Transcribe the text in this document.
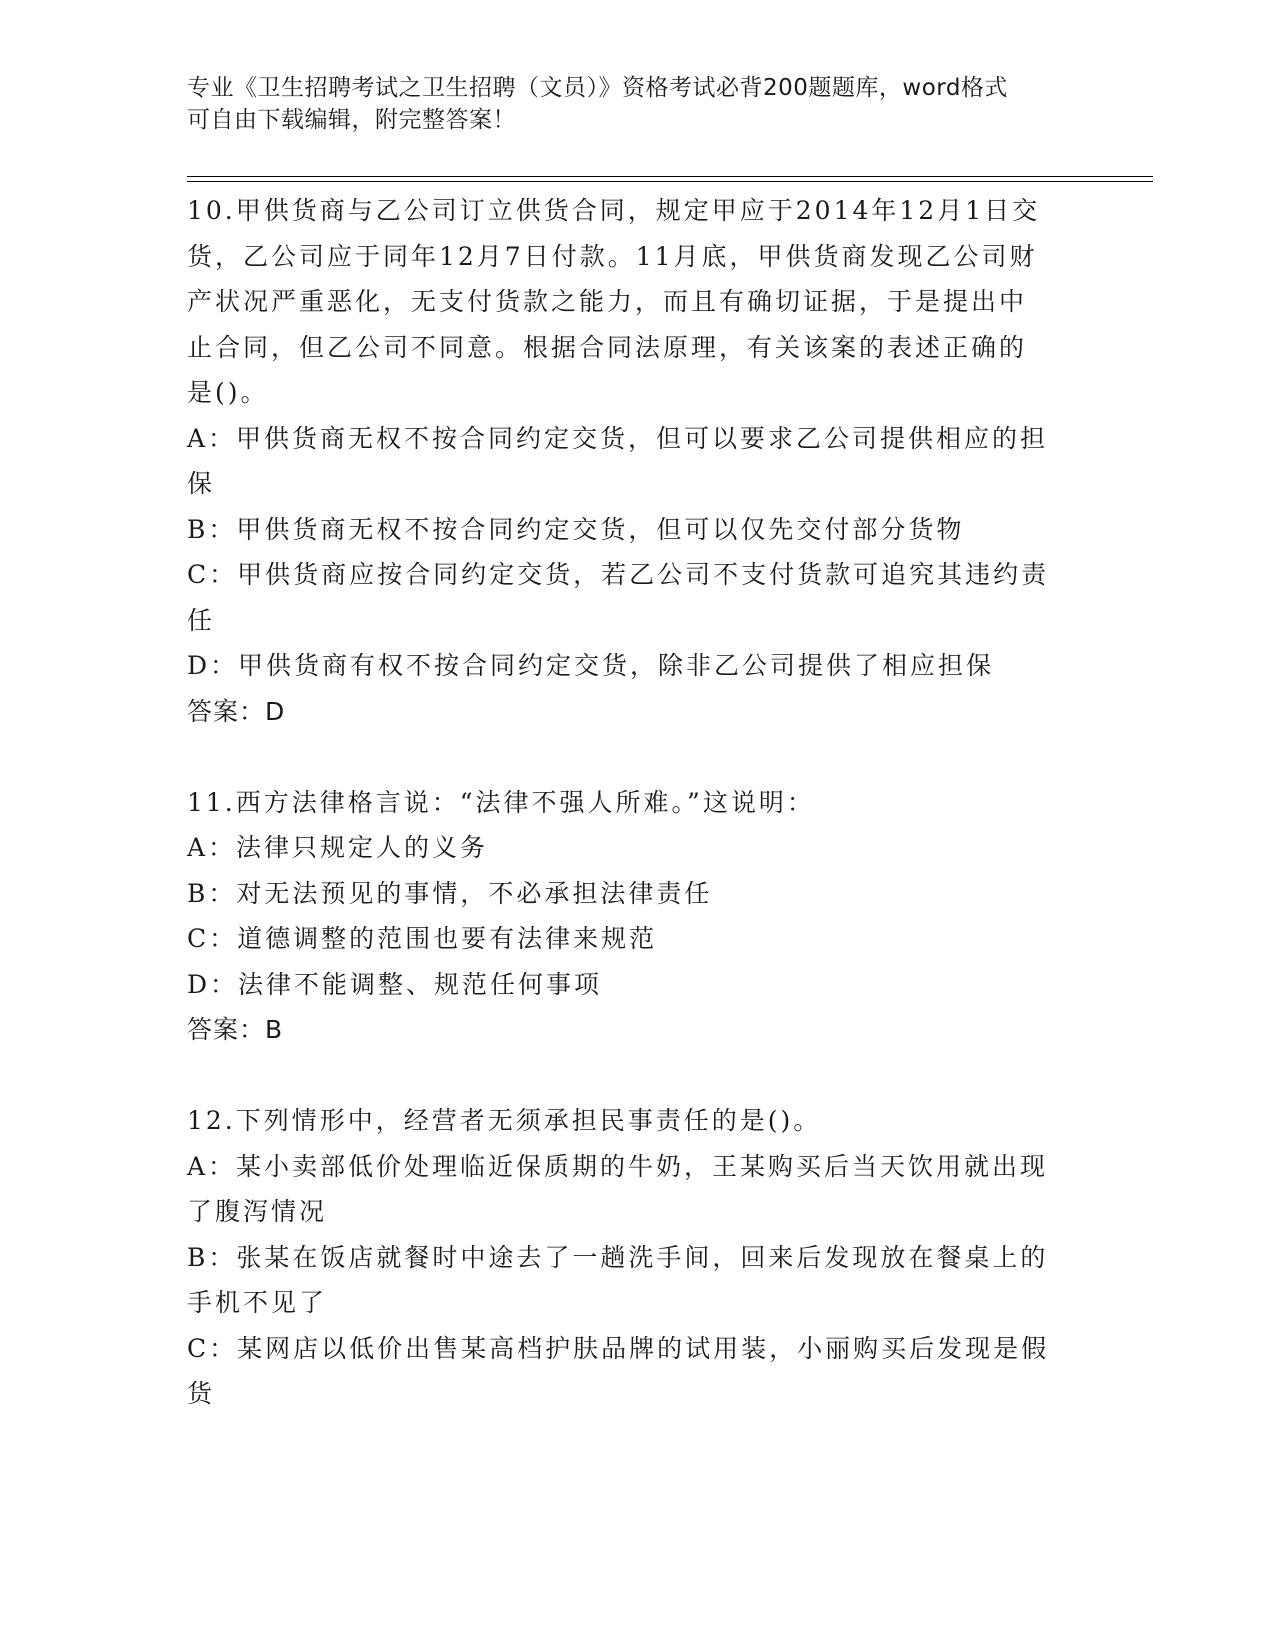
专业《卫生招聘考试之卫生招聘（文员）》资格考试必背200题题库，word格式
可自由下载编辑，附完整答案！
10.甲供货商与乙公司订立供货合同，规定甲应于2014年12月1日交
货，乙公司应于同年12月7日付款。11月底，甲供货商发现乙公司财
产状况严重恶化，无支付货款之能力，而且有确切证据，于是提出中
止合同，但乙公司不同意。根据合同法原理，有关该案的表述正确的
是()。
A：甲供货商无权不按合同约定交货，但可以要求乙公司提供相应的担
保
B：甲供货商无权不按合同约定交货，但可以仅先交付部分货物
C：甲供货商应按合同约定交货，若乙公司不支付货款可追究其违约责
任
D：甲供货商有权不按合同约定交货，除非乙公司提供了相应担保
答案：D
11.西方法律格言说：“法律不强人所难。”这说明：
A：法律只规定人的义务
B：对无法预见的事情，不必承担法律责任
C：道德调整的范围也要有法律来规范
D：法律不能调整、规范任何事项
答案：B
12.下列情形中，经营者无须承担民事责任的是()。
A：某小卖部低价处理临近保质期的牛奶，王某购买后当天饮用就出现
了腹泻情况
B：张某在饭店就餐时中途去了一趟洗手间，回来后发现放在餐桌上的
手机不见了
C：某网店以低价出售某高档护肤品牌的试用装，小丽购买后发现是假
货
